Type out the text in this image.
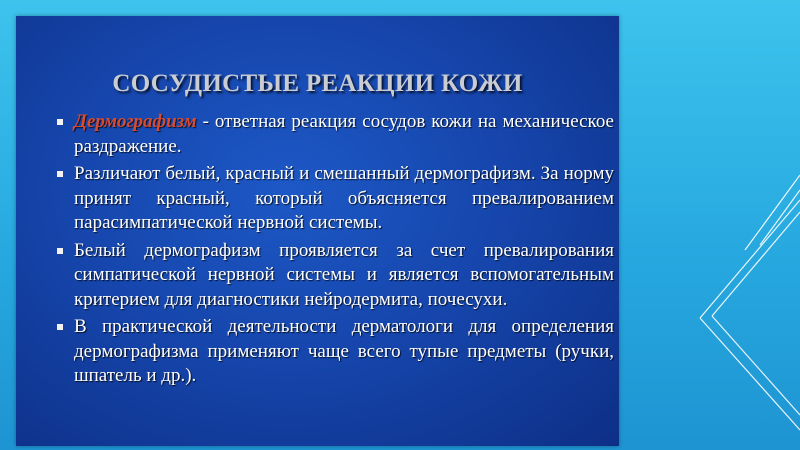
СОСУДИСТЫЕ РЕАКЦИИ КОЖИ
Дермографизм - ответная реакция сосудов кожи на механическое раздражение.
Различают белый, красный и смешанный дермографизм. За норму принят красный, который объясняется превалированием парасимпатической нервной системы.
Белый дермографизм проявляется за счет превалирования симпатической нервной системы и является вспомогательным критерием для диагностики нейродермита, почесухи.
В практической деятельности дерматологи для определения дермографизма применяют чаще всего тупые предметы (ручки, шпатель и др.).
